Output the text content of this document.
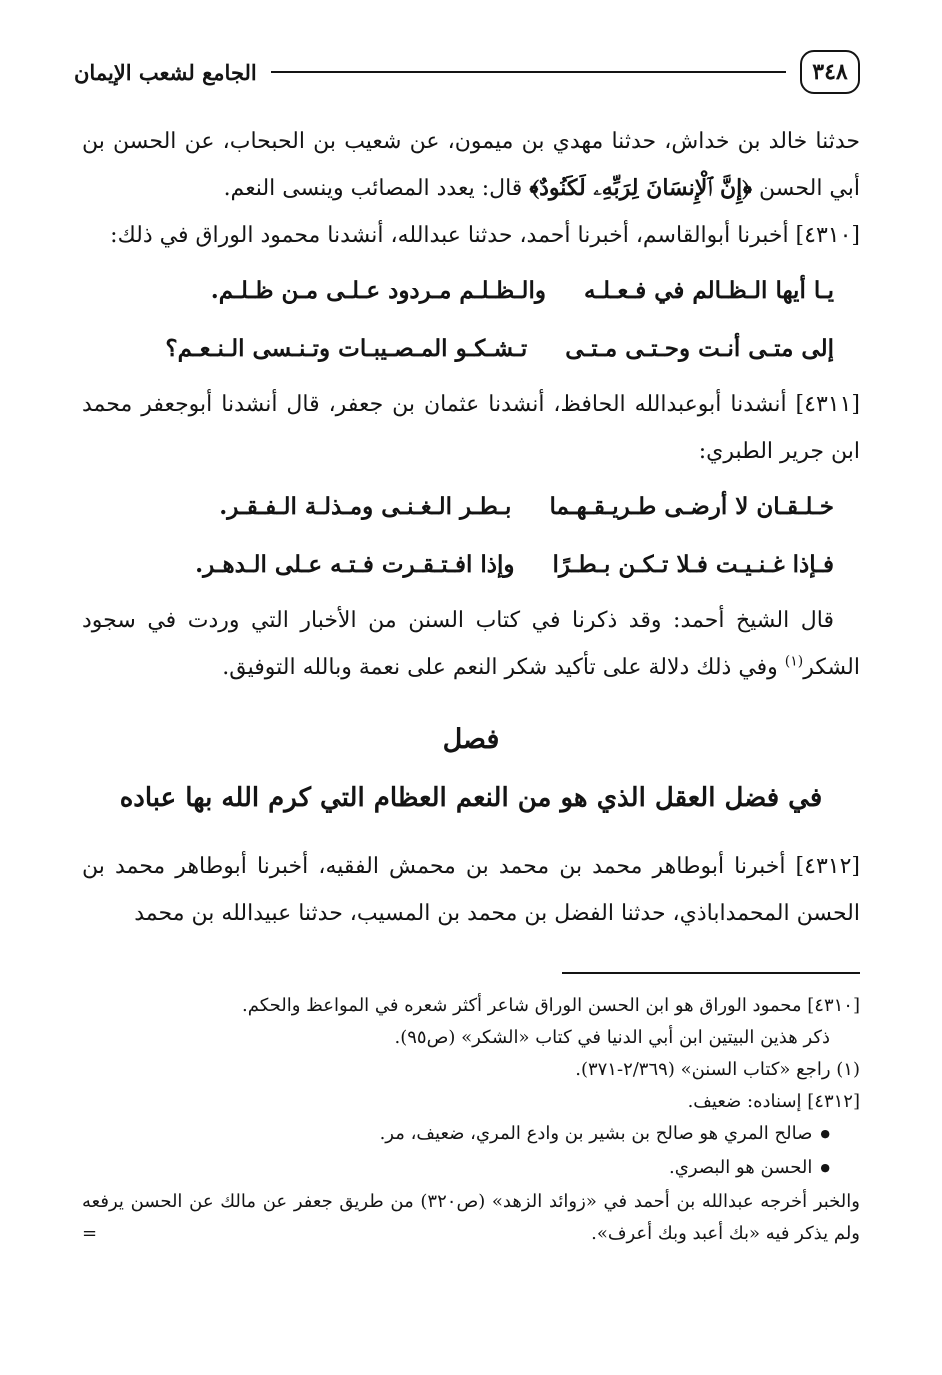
٣٤٨
الجامع لشعب الإيمان

حدثنا خالد بن خداش، حدثنا مهدي بن ميمون، عن شعيب بن الحبحاب، عن الحسن بن أبي الحسن ﴿إِنَّ ٱلْإِنسَانَ لِرَبِّهِۦ لَكَنُودٌ﴾ قال: يعدد المصائب وينسى النعم.

[٤٣١٠] أخبرنا أبوالقاسم، أخبرنا أحمد، حدثنا عبدالله، أنشدنا محمود الوراق في ذلك:

يـا أيها الـظـالم في فـعـلـه
والـظـلـم مـردود عـلـى مـن ظـلـم.
إلى متـى أنـت وحـتـى مـتـى
تـشـكـو المـصـيبـات وتـنـسى الـنـعـم؟

[٤٣١١] أنشدنا أبوعبدالله الحافظ، أنشدنا عثمان بن جعفر، قال أنشدنا أبوجعفر محمد ابن جرير الطبري:

خـلـقـان لا أرضـى طـريـقـهـما
بـطـر الـغـنـى ومـذلـة الـفـقـر.
فـإذا غـنـيـت فـلا تـكـن بـطـرًا
وإذا افـتـقـرت فـتـه عـلى الـدهـر.

قال الشيخ أحمد: وقد ذكرنا في كتاب السنن من الأخبار التي وردت في سجود الشكر$^{(١)}$ وفي ذلك دلالة على تأكيد شكر النعم على نعمة وبالله التوفيق.

فصل
في فضل العقل الذي هو من النعم العظام التي كرم الله بها عباده

[٤٣١٢] أخبرنا أبوطاهر محمد بن محمد بن محمش الفقيه، أخبرنا أبوطاهر محمد بن الحسن المحمداباذي، حدثنا الفضل بن محمد بن المسيب، حدثنا عبيدالله بن محمد

[٤٣١٠] محمود الوراق هو ابن الحسن الوراق شاعر أكثر شعره في المواعظ والحكم.

ذكر هذين البيتين ابن أبي الدنيا في كتاب «الشكر» (ص٩٥).

(١) راجع «كتاب السنن» (٢/٣٦٩-٣٧١).

[٤٣١٢] إسناده: ضعيف.

● صالح المري هو صالح بن بشير بن وادع المري، ضعيف، مر.

● الحسن هو البصري.

والخبر أخرجه عبدالله بن أحمد في «زوائد الزهد» (ص٣٢٠) من طريق جعفر عن مالك عن الحسن يرفعه ولم يذكر فيه «بك أعبد وبك أعرف».
=
